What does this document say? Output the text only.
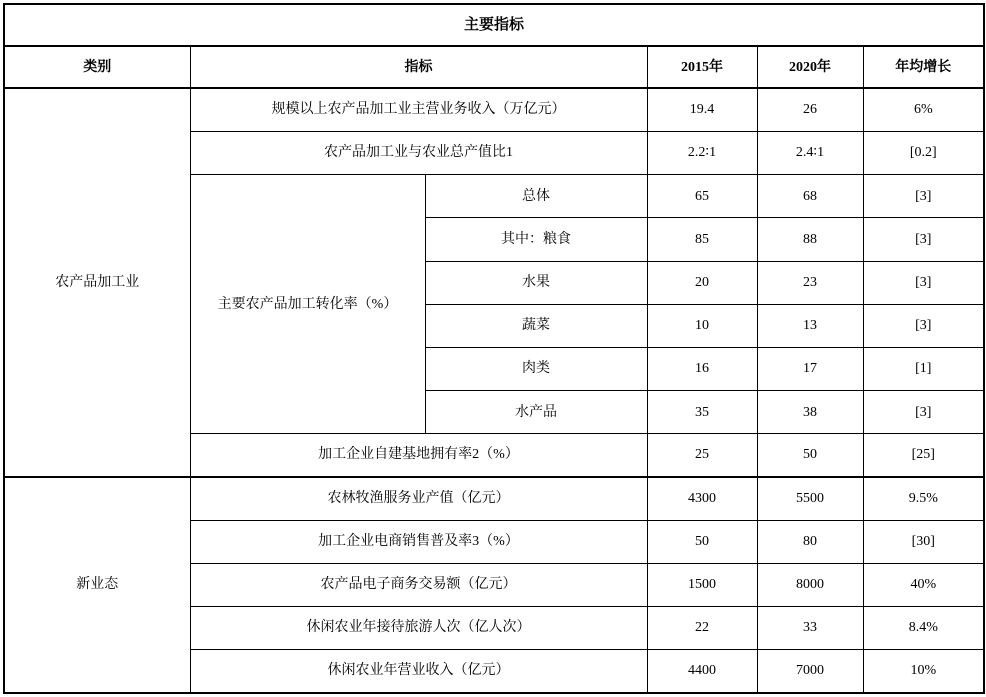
主要指标					
类别	指标		2015年	2020年	年均增长
农产品加工业	规模以上农产品加工业主营业务收入（万亿元）		19.4	26	6%
	农产品加工业与农业总产值比1		2.2∶1	2.4∶1	[0.2]
	主要农产品加工转化率（%）	总体	65	68	[3]
		其中：粮食	85	88	[3]
		水果	20	23	[3]
		蔬菜	10	13	[3]
		肉类	16	17	[1]
		水产品	35	38	[3]
	加工企业自建基地拥有率2（%）		25	50	[25]
新业态	农林牧渔服务业产值（亿元）		4300	5500	9.5%
	加工企业电商销售普及率3（%）		50	80	[30]
	农产品电子商务交易额（亿元）		1500	8000	40%
	休闲农业年接待旅游人次（亿人次）		22	33	8.4%
	休闲农业年营业收入（亿元）		4400	7000	10%
